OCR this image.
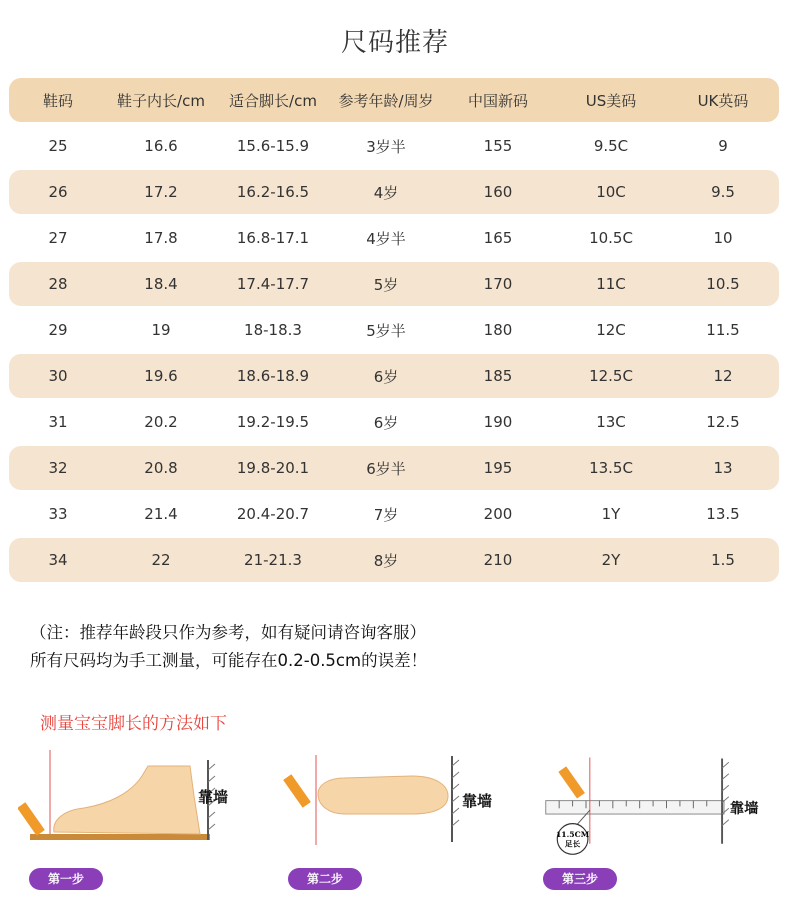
尺码推荐
鞋码	鞋子内长/cm	适合脚长/cm	参考年龄/周岁	中国新码	US美码	UK英码
25	16.6	15.6-15.9	3岁半	155	9.5C	9
26	17.2	16.2-16.5	4岁	160	10C	9.5
27	17.8	16.8-17.1	4岁半	165	10.5C	10
28	18.4	17.4-17.7	5岁	170	11C	10.5
29	19	18-18.3	5岁半	180	12C	11.5
30	19.6	18.6-18.9	6岁	185	12.5C	12
31	20.2	19.2-19.5	6岁	190	13C	12.5
32	20.8	19.8-20.1	6岁半	195	13.5C	13
33	21.4	20.4-20.7	7岁	200	1Y	13.5
34	22	21-21.3	8岁	210	2Y	1.5
（注：推荐年龄段只作为参考，如有疑问请咨询客服）
所有尺码均为手工测量，可能存在0.2-0.5cm的误差！
测量宝宝脚长的方法如下
靠墙	靠墙
11.5CM
足长
靠墙
第一步	第二步	第三步
